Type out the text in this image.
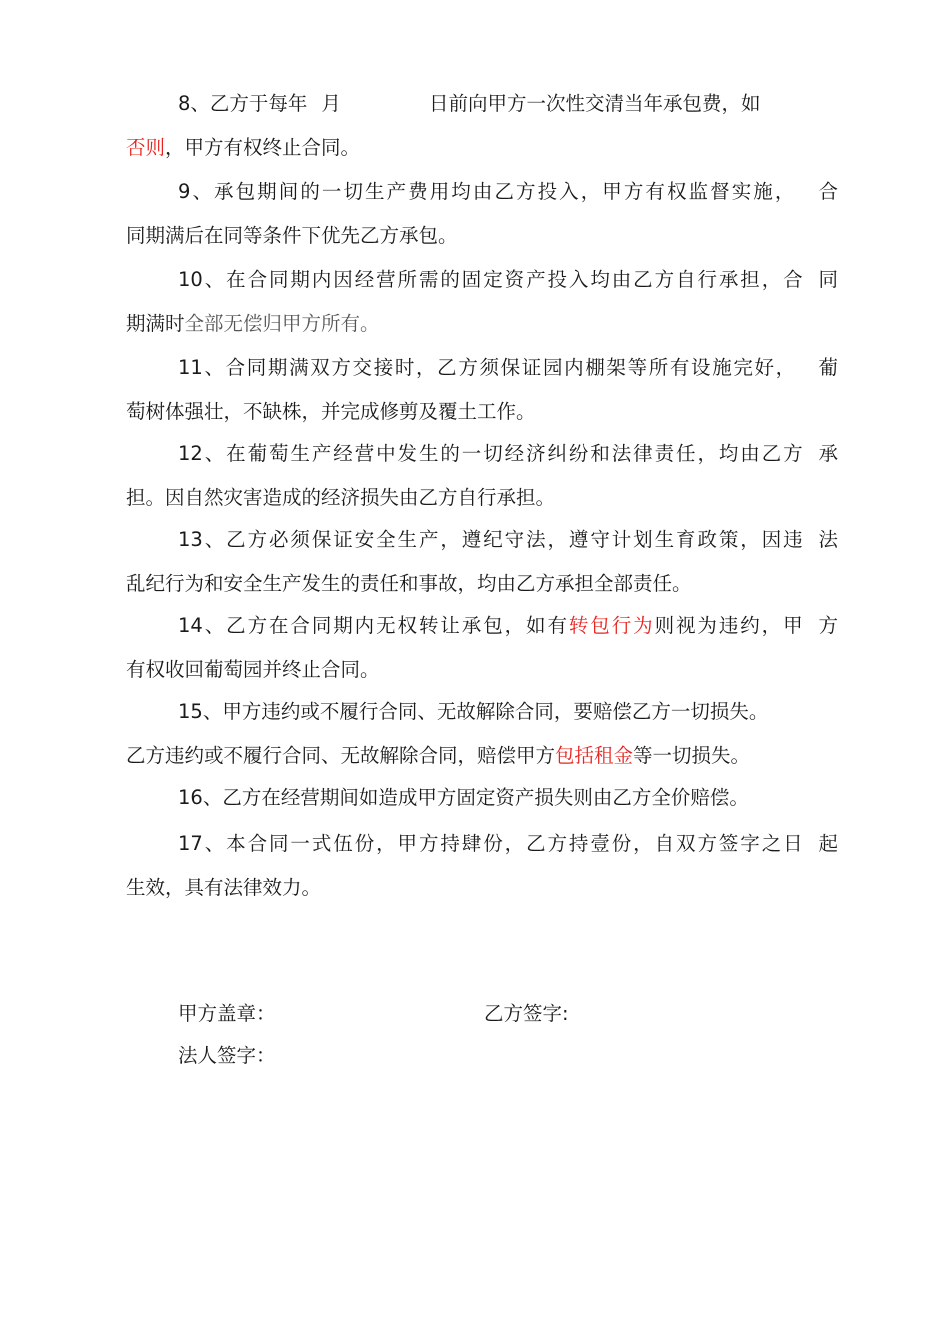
8、乙方于每年 月	日前向甲方一次性交清当年承包费，如
否则，甲方有权终止合同。

9、承包期间的一切生产费用均由乙方投入，甲方有权监督实施， 合
同期满后在同等条件下优先乙方承包。

10、在合同期内因经营所需的固定资产投入均由乙方自行承担，合 同
期满时全部无偿归甲方所有。

11、合同期满双方交接时，乙方须保证园内棚架等所有设施完好， 葡
萄树体强壮，不缺株，并完成修剪及覆土工作。

12、在葡萄生产经营中发生的一切经济纠纷和法律责任，均由乙方 承
担。因自然灾害造成的经济损失由乙方自行承担。

13、乙方必须保证安全生产，遵纪守法，遵守计划生育政策，因违 法
乱纪行为和安全生产发生的责任和事故，均由乙方承担全部责任。

14、乙方在合同期内无权转让承包，如有转包行为则视为违约，甲 方
有权收回葡萄园并终止合同。

15、甲方违约或不履行合同、无故解除合同，要赔偿乙方一切损失。
乙方违约或不履行合同、无故解除合同，赔偿甲方包括租金等一切损失。

16、乙方在经营期间如造成甲方固定资产损失则由乙方全价赔偿。

17、本合同一式伍份，甲方持肆份，乙方持壹份，自双方签字之日 起
生效，具有法律效力。

甲方盖章：	乙方签字:
法人签字：
